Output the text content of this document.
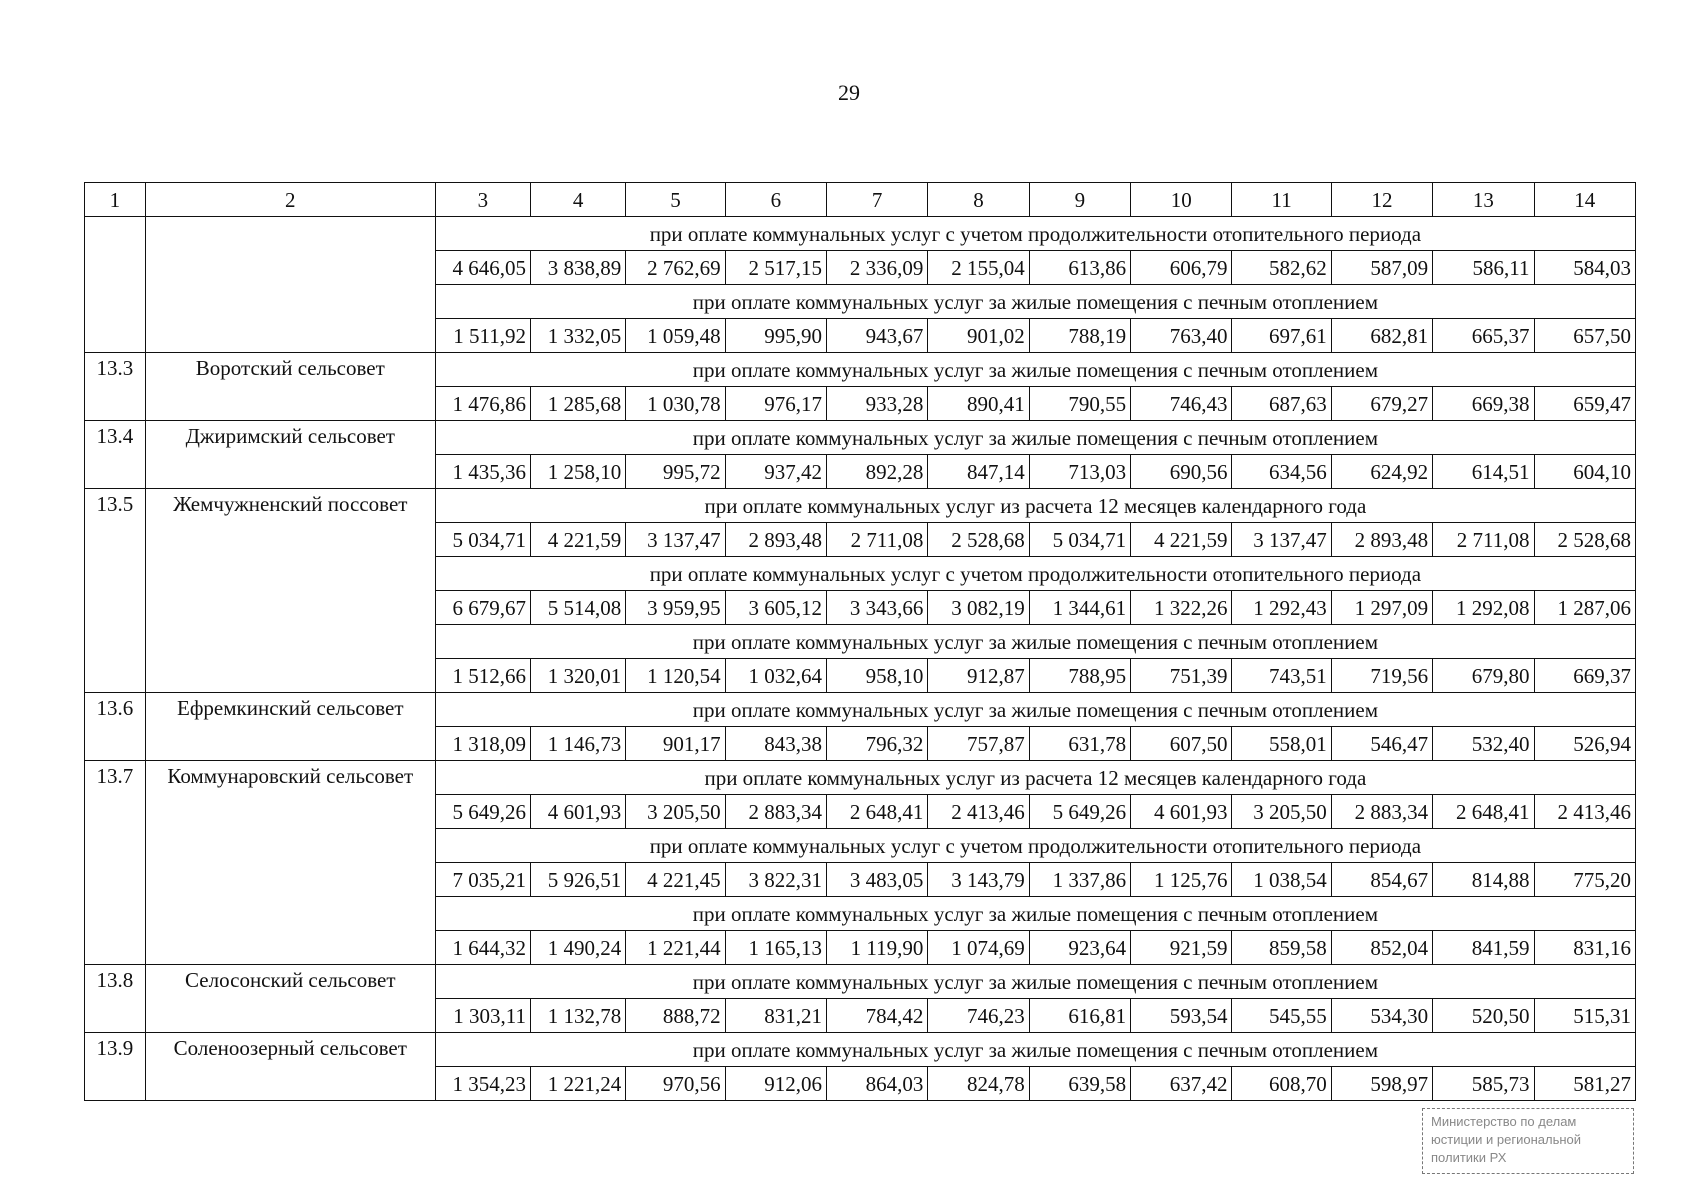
29
1	2	3	4	5	6	7	8	9	10	11	12	13	14
		при оплате коммунальных услуг с учетом продолжительности отопительного периода											
		4 646,05	3 838,89	2 762,69	2 517,15	2 336,09	2 155,04	613,86	606,79	582,62	587,09	586,11	584,03
		при оплате коммунальных услуг за жилые помещения с печным отоплением											
		1 511,92	1 332,05	1 059,48	995,90	943,67	901,02	788,19	763,40	697,61	682,81	665,37	657,50
13.3	Воротский сельсовет	при оплате коммунальных услуг за жилые помещения с печным отоплением											
		1 476,86	1 285,68	1 030,78	976,17	933,28	890,41	790,55	746,43	687,63	679,27	669,38	659,47
13.4	Джиримский сельсовет	при оплате коммунальных услуг за жилые помещения с печным отоплением											
		1 435,36	1 258,10	995,72	937,42	892,28	847,14	713,03	690,56	634,56	624,92	614,51	604,10
13.5	Жемчужненский поссовет	при оплате коммунальных услуг из расчета 12 месяцев календарного года											
		5 034,71	4 221,59	3 137,47	2 893,48	2 711,08	2 528,68	5 034,71	4 221,59	3 137,47	2 893,48	2 711,08	2 528,68
		при оплате коммунальных услуг с учетом продолжительности отопительного периода											
		6 679,67	5 514,08	3 959,95	3 605,12	3 343,66	3 082,19	1 344,61	1 322,26	1 292,43	1 297,09	1 292,08	1 287,06
		при оплате коммунальных услуг за жилые помещения с печным отоплением											
		1 512,66	1 320,01	1 120,54	1 032,64	958,10	912,87	788,95	751,39	743,51	719,56	679,80	669,37
13.6	Ефремкинский сельсовет	при оплате коммунальных услуг за жилые помещения с печным отоплением											
		1 318,09	1 146,73	901,17	843,38	796,32	757,87	631,78	607,50	558,01	546,47	532,40	526,94
13.7	Коммунаровский сельсовет	при оплате коммунальных услуг из расчета 12 месяцев календарного года											
		5 649,26	4 601,93	3 205,50	2 883,34	2 648,41	2 413,46	5 649,26	4 601,93	3 205,50	2 883,34	2 648,41	2 413,46
		при оплате коммунальных услуг с учетом продолжительности отопительного периода											
		7 035,21	5 926,51	4 221,45	3 822,31	3 483,05	3 143,79	1 337,86	1 125,76	1 038,54	854,67	814,88	775,20
		при оплате коммунальных услуг за жилые помещения с печным отоплением											
		1 644,32	1 490,24	1 221,44	1 165,13	1 119,90	1 074,69	923,64	921,59	859,58	852,04	841,59	831,16
13.8	Селосонский сельсовет	при оплате коммунальных услуг за жилые помещения с печным отоплением											
		1 303,11	1 132,78	888,72	831,21	784,42	746,23	616,81	593,54	545,55	534,30	520,50	515,31
13.9	Соленоозерный сельсовет	при оплате коммунальных услуг за жилые помещения с печным отоплением											
		1 354,23	1 221,24	970,56	912,06	864,03	824,78	639,58	637,42	608,70	598,97	585,73	581,27
Министерство по делам
юстиции и региональной
политики РХ
